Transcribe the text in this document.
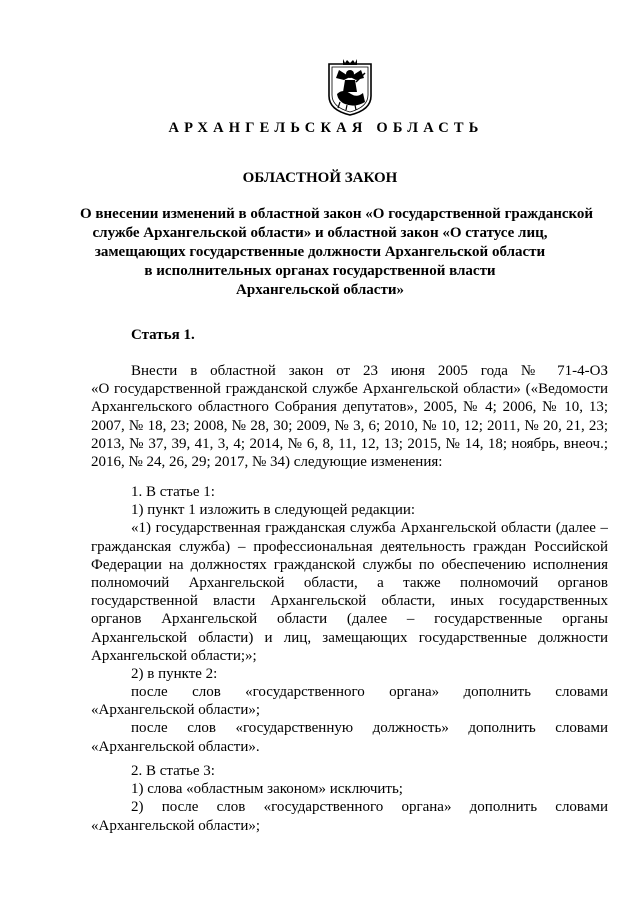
АРХАНГЕЛЬСКАЯ ОБЛАСТЬ
ОБЛАСТНОЙ ЗАКОН
О внесении изменений в областной закон «О государственной гражданской
службе Архангельской области» и областной закон «О статусе лиц,
замещающих государственные должности Архангельской области
в исполнительных органах государственной власти
Архангельской области»
Статья 1.
Внести в областной закон от 23 июня 2005 года № 71-4-ОЗ
«О государственной гражданской службе Архангельской области» («Ведомости
Архангельского областного Собрания депутатов», 2005, № 4; 2006, № 10, 13;
2007, № 18, 23; 2008, № 28, 30; 2009, № 3, 6; 2010, № 10, 12; 2011, № 20, 21, 23;
2013, № 37, 39, 41, 3, 4; 2014, № 6, 8, 11, 12, 13; 2015, № 14, 18; ноябрь, внеоч.;
2016, № 24, 26, 29; 2017, № 34) следующие изменения:
1. В статье 1:
1) пункт 1 изложить в следующей редакции:
«1) государственная гражданская служба Архангельской области (далее –
гражданская служба) – профессиональная деятельность граждан Российской
Федерации на должностях гражданской службы по обеспечению исполнения
полномочий Архангельской области, а также полномочий органов
государственной власти Архангельской области, иных государственных
органов Архангельской области (далее – государственные органы
Архангельской области) и лиц, замещающих государственные должности
Архангельской области;»;
2) в пункте 2:
после слов «государственного органа» дополнить словами
«Архангельской области»;
после слов «государственную должность» дополнить словами
«Архангельской области».
2. В статье 3:
1) слова «областным законом» исключить;
2) после слов «государственного органа» дополнить словами
«Архангельской области»;
